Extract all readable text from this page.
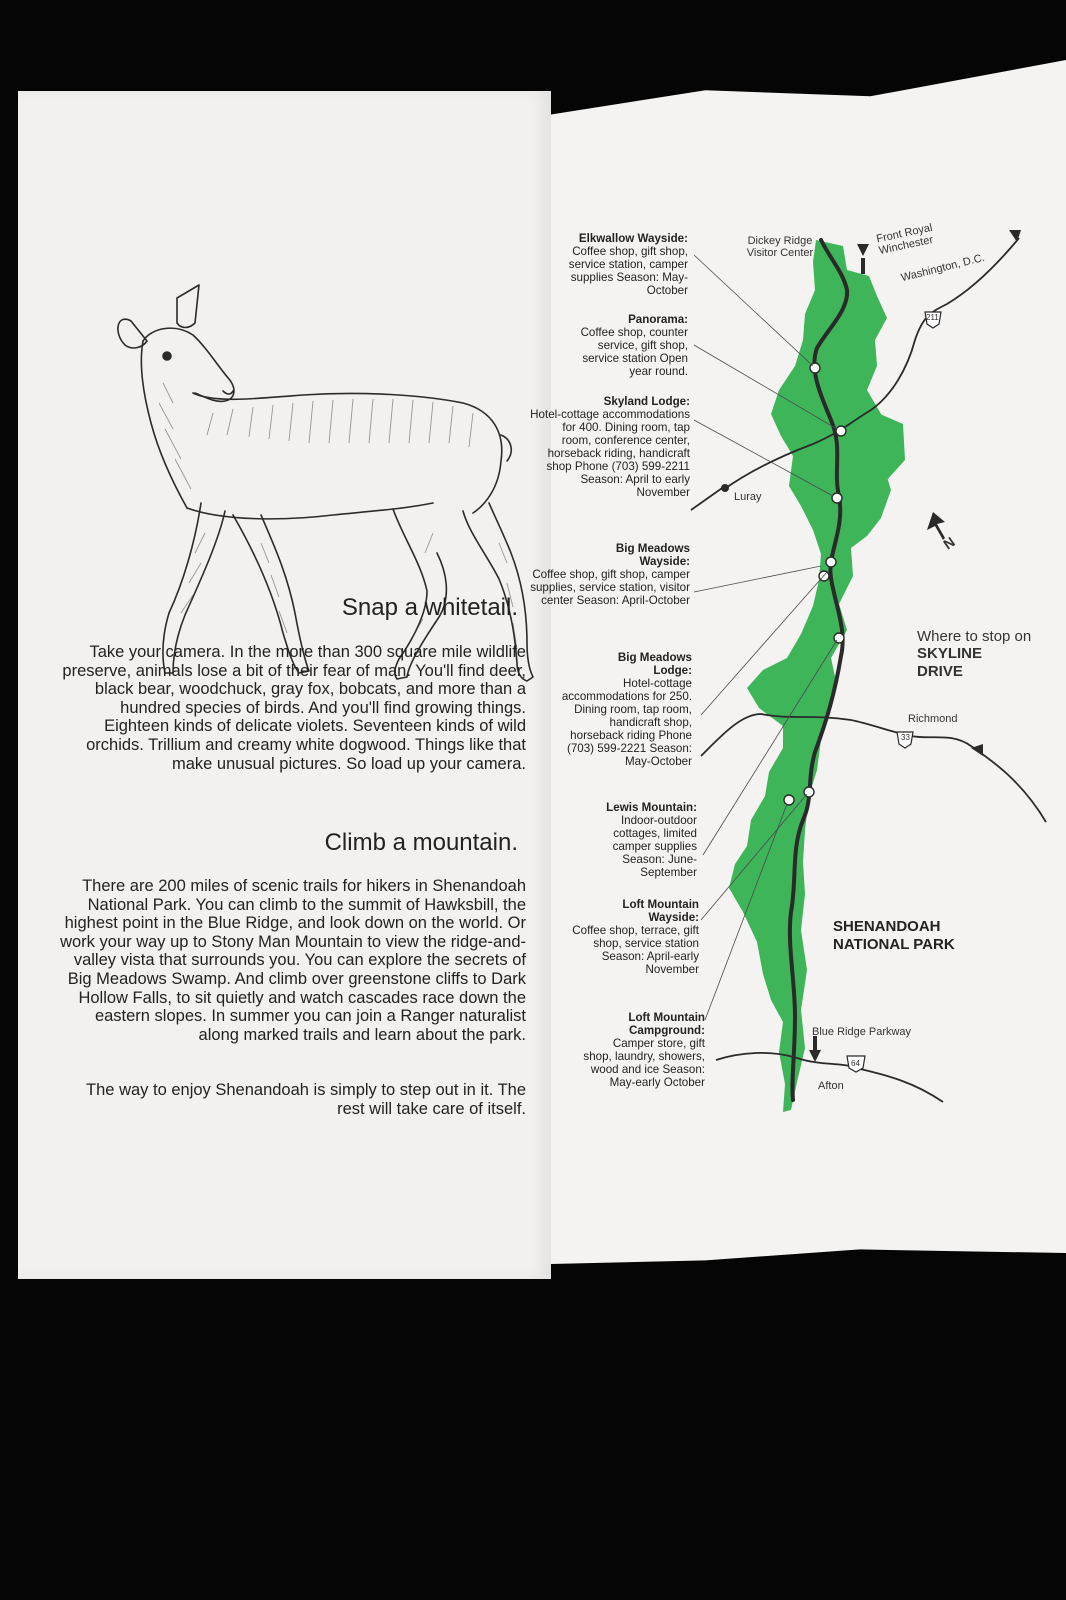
Snap a whitetail.

Take your camera. In the more than 300 square mile wildlife preserve, animals lose a bit of their fear of man. You'll find deer, black bear, woodchuck, gray fox, bobcats, and more than a hundred species of birds. And you'll find growing things. Eighteen kinds of delicate violets. Seventeen kinds of wild orchids. Trillium and creamy white dogwood. Things like that make unusual pictures. So load up your camera.

Climb a mountain.

There are 200 miles of scenic trails for hikers in Shenandoah National Park. You can climb to the summit of Hawksbill, the highest point in the Blue Ridge, and look down on the world. Or work your way up to Stony Man Mountain to view the ridge-and-valley vista that surrounds you. You can explore the secrets of Big Meadows Swamp. And climb over greenstone cliffs to Dark Hollow Falls, to sit quietly and watch cascades race down the eastern slopes. In summer you can join a Ranger naturalist along marked trails and learn about the park.

The way to enjoy Shenandoah is simply to step out in it. The rest will take care of itself.

Dickey Ridge Visitor Center
Front Royal Winchester
Washington, D.C.
211
Luray
N
Richmond
33
Blue Ridge Parkway
64
Afton
Where to stop on
SKYLINE DRIVE
SHENANDOAH NATIONAL PARK
Elkwallow Wayside:
Coffee shop, gift shop, service station, camper supplies Season: May-October
Panorama:
Coffee shop, counter service, gift shop, service station Open year round.
Skyland Lodge:
Hotel-cottage accommodations for 400. Dining room, tap room, conference center, horseback riding, handicraft shop Phone (703) 599-2211 Season: April to early November
Big Meadows Wayside:
Coffee shop, gift shop, camper supplies, service station, visitor center Season: April-October
Big Meadows Lodge:
Hotel-cottage accommodations for 250. Dining room, tap room, handicraft shop, horseback riding Phone (703) 599-2221 Season: May-October
Lewis Mountain:
Indoor-outdoor cottages, limited camper supplies Season: June-September
Loft Mountain Wayside:
Coffee shop, terrace, gift shop, service station Season: April-early November
Loft Mountain Campground:
Camper store, gift shop, laundry, showers, wood and ice Season: May-early October
